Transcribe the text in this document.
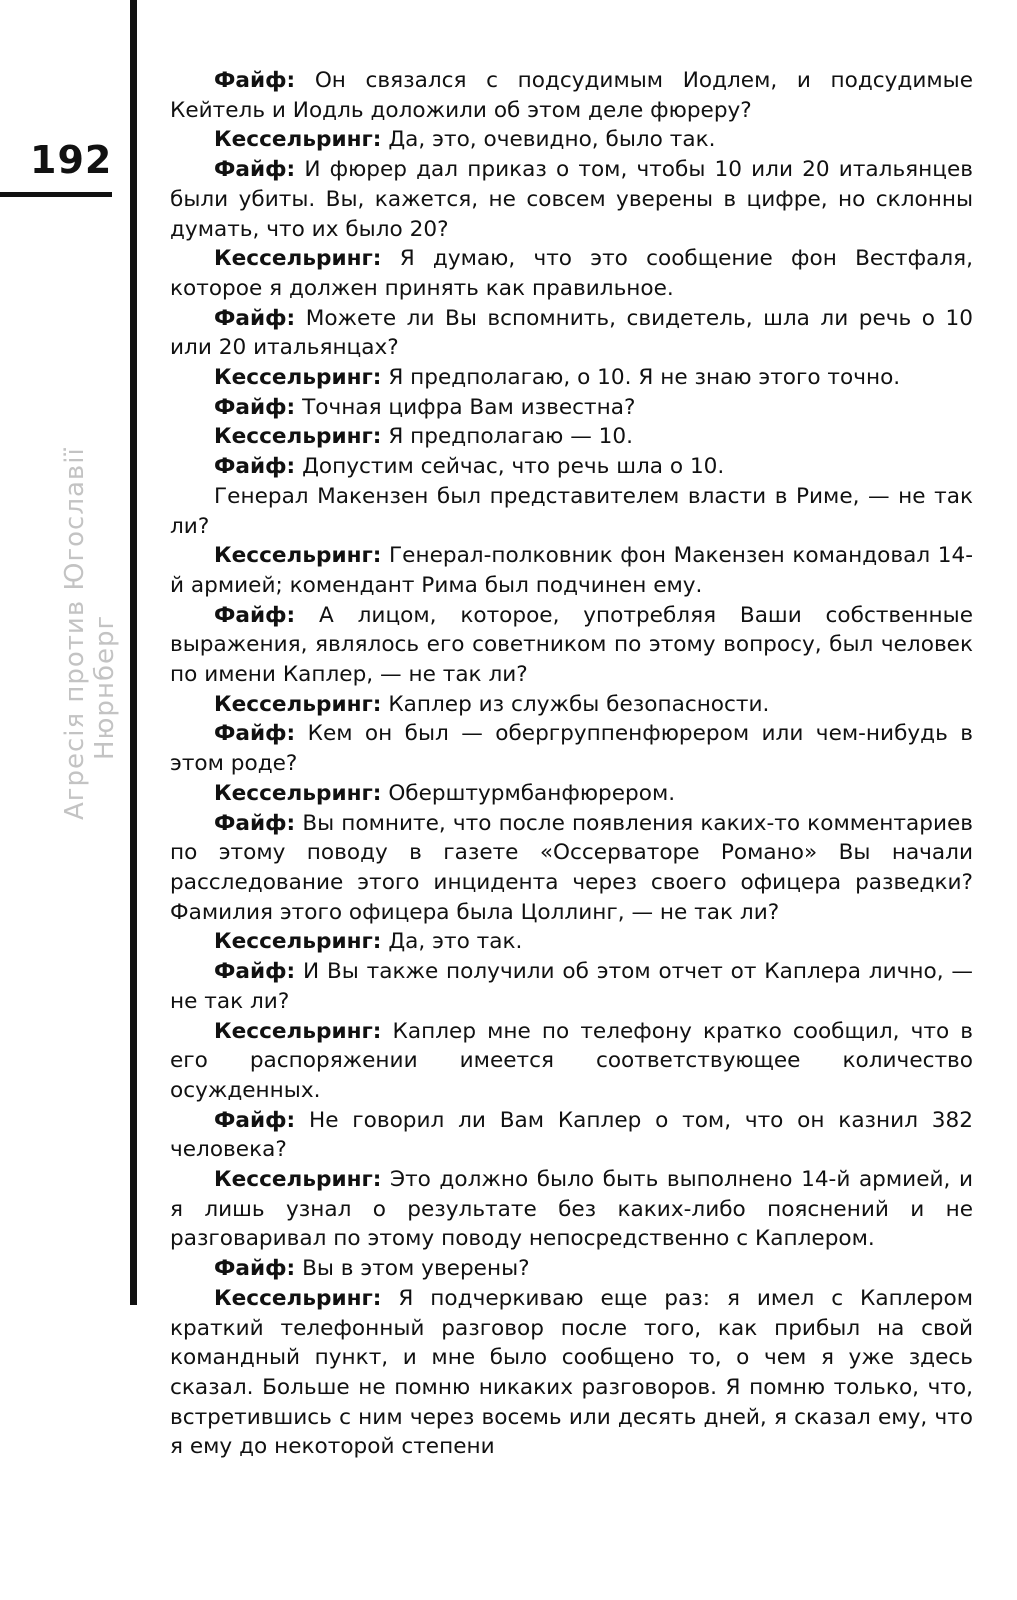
192
Агресія против Югославії Нюрнберг

Файф: Он связался с подсудимым Иодлем, и подсудимые Кейтель и Иодль доложили об этом деле фюреру?

Кессельринг: Да, это, очевидно, было так.

Файф: И фюрер дал приказ о том, чтобы 10 или 20 итальянцев были убиты. Вы, кажется, не совсем уверены в цифре, но склонны думать, что их было 20?

Кессельринг: Я думаю, что это сообщение фон Вестфаля, которое я должен принять как правильное.

Файф: Можете ли Вы вспомнить, свидетель, шла ли речь о 10 или 20 итальянцах?

Кессельринг: Я предполагаю, о 10. Я не знаю этого точно.

Файф: Точная цифра Вам известна?

Кессельринг: Я предполагаю — 10.

Файф: Допустим сейчас, что речь шла о 10.

Генерал Макензен был представителем власти в Риме, — не так ли?

Кессельринг: Генерал-полковник фон Макензен командовал 14-й армией; комендант Рима был подчинен ему.

Файф: А лицом, которое, употребляя Ваши собственные выражения, являлось его советником по этому вопросу, был человек по имени Каплер, — не так ли?

Кессельринг: Каплер из службы безопасности.

Файф: Кем он был — обергруппенфюрером или чем-нибудь в этом роде?

Кессельринг: Оберштурмбанфюрером.

Файф: Вы помните, что после появления каких-то комментариев по этому поводу в газете «Оссерваторе Романо» Вы начали расследование этого инцидента через своего офицера разведки? Фамилия этого офицера была Цоллинг, — не так ли?

Кессельринг: Да, это так.

Файф: И Вы также получили об этом отчет от Каплера лично, — не так ли?

Кессельринг: Каплер мне по телефону кратко сообщил, что в его распоряжении имеется соответствующее количество осужденных.

Файф: Не говорил ли Вам Каплер о том, что он казнил 382 человека?

Кессельринг: Это должно было быть выполнено 14-й армией, и я лишь узнал о результате без каких-либо пояснений и не разговаривал по этому поводу непосредственно с Каплером.

Файф: Вы в этом уверены?

Кессельринг: Я подчеркиваю еще раз: я имел с Каплером краткий телефонный разговор после того, как прибыл на свой командный пункт, и мне было сообщено то, о чем я уже здесь сказал. Больше не помню никаких разговоров. Я помню только, что, встретившись с ним через восемь или десять дней, я сказал ему, что я ему до некоторой степени
